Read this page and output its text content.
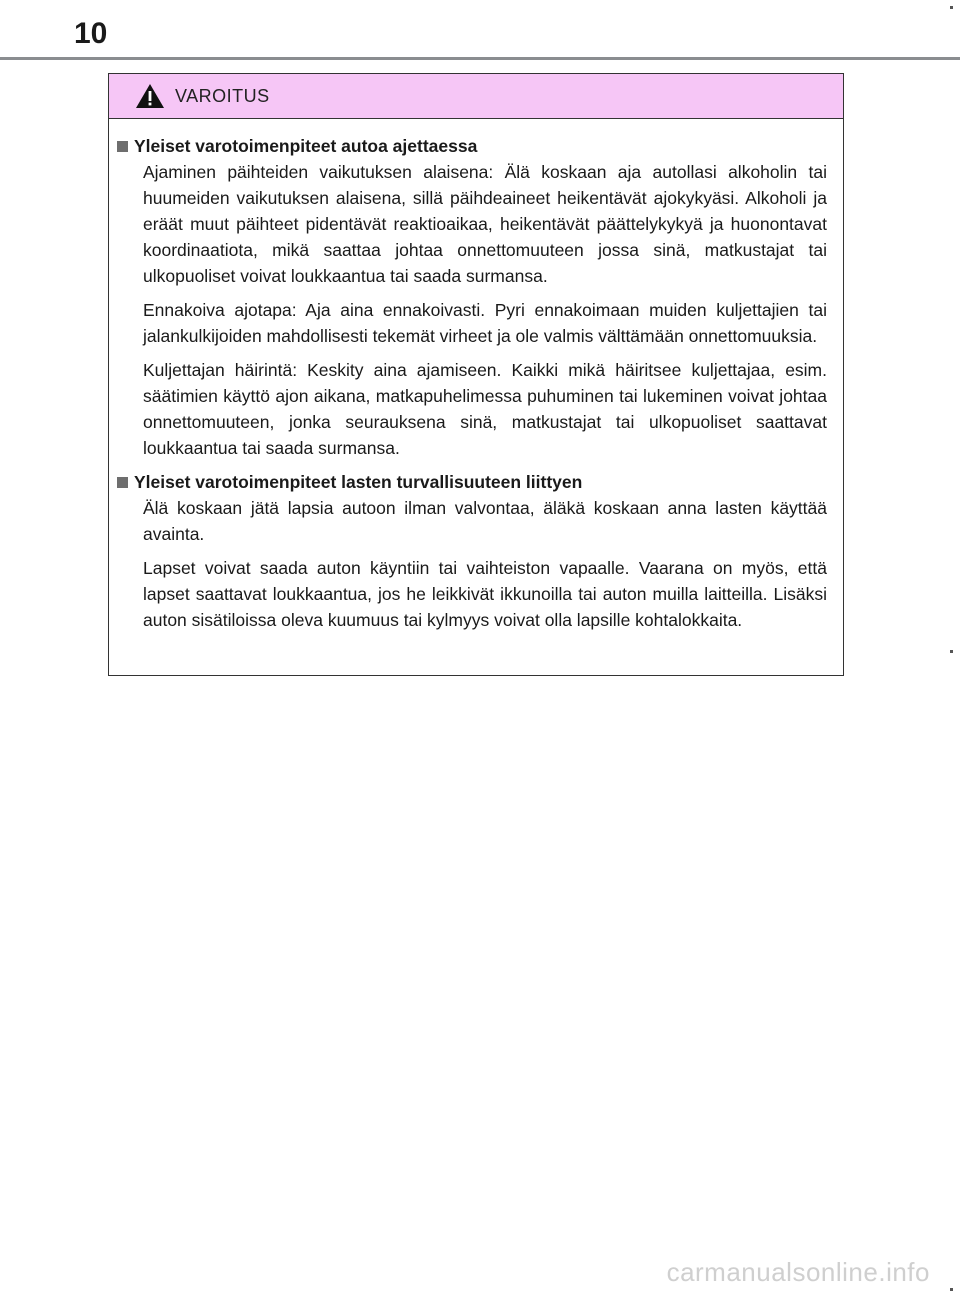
10
VAROITUS
Yleiset varotoimenpiteet autoa ajettaessa

Ajaminen päihteiden vaikutuksen alaisena: Älä koskaan aja autollasi alkoholin tai huumeiden vaikutuksen alaisena, sillä päihdeaineet heikentävät ajokykyäsi. Alkoholi ja eräät muut päihteet pidentävät reaktioaikaa, heikentävät päättelykykyä ja huonontavat koordinaatiota, mikä saattaa johtaa onnettomuuteen jossa sinä, matkustajat tai ulkopuoliset voivat loukkaantua tai saada surmansa.

Ennakoiva ajotapa: Aja aina ennakoivasti. Pyri ennakoimaan muiden kuljettajien tai jalankulkijoiden mahdollisesti tekemät virheet ja ole valmis välttämään onnettomuuksia.

Kuljettajan häirintä: Keskity aina ajamiseen. Kaikki mikä häiritsee kuljettajaa, esim. säätimien käyttö ajon aikana, matkapuhelimessa puhuminen tai lukeminen voivat johtaa onnettomuuteen, jonka seurauksena sinä, matkustajat tai ulkopuoliset saattavat loukkaantua tai saada surmansa.

Yleiset varotoimenpiteet lasten turvallisuuteen liittyen

Älä koskaan jätä lapsia autoon ilman valvontaa, äläkä koskaan anna lasten käyttää avainta.

Lapset voivat saada auton käyntiin tai vaihteiston vapaalle. Vaarana on myös, että lapset saattavat loukkaantua, jos he leikkivät ikkunoilla tai auton muilla laitteilla. Lisäksi auton sisätiloissa oleva kuumuus tai kylmyys voivat olla lapsille kohtalokkaita.

carmanualsonline.info
